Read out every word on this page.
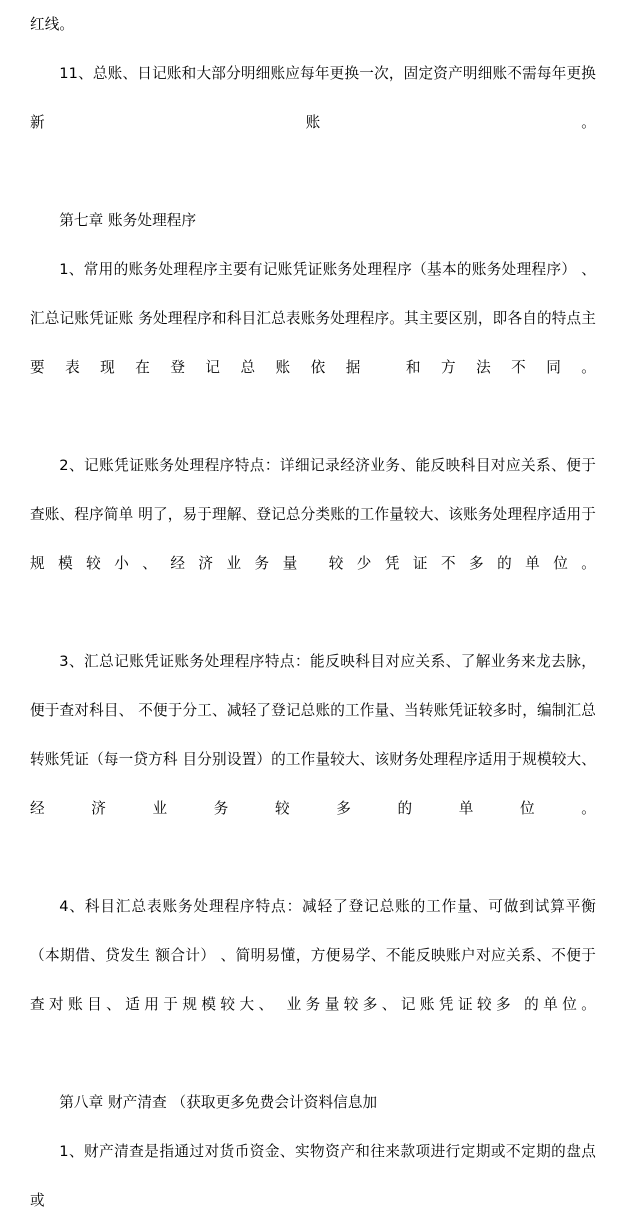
红线。

11、总账、日记账和大部分明细账应每年更换一次，固定资产明细账不需每年更换新账。

第七章 账务处理程序

1、常用的账务处理程序主要有记账凭证账务处理程序（基本的账务处理程序） 、汇总记账凭证账 务处理程序和科目汇总表账务处理程序。其主要区别，即各自的特点主要表现在登记总账依据 和方法不同。

2、记账凭证账务处理程序特点：详细记录经济业务、能反映科目对应关系、便于查账、程序简单 明了，易于理解、登记总分类账的工作量较大、该账务处理程序适用于规模较小、经济业务量 较少凭证不多的单位。

3、汇总记账凭证账务处理程序特点：能反映科目对应关系、了解业务来龙去脉，便于查对科目、 不便于分工、减轻了登记总账的工作量、当转账凭证较多时，编制汇总转账凭证（每一贷方科 目分别设置）的工作量较大、该财务处理程序适用于规模较大、经济业务较多的单位。

4、科目汇总表账务处理程序特点：减轻了登记总账的工作量、可做到试算平衡（本期借、贷发生 额合计） 、简明易懂，方便易学、不能反映账户对应关系、不便于查对账目、适用于规模较大、 业务量较多、记账凭证较多 的单位。

第八章 财产清查 （获取更多免费会计资料信息加

1、财产清查是指通过对货币资金、实物资产和往来款项进行定期或不定期的盘点或
